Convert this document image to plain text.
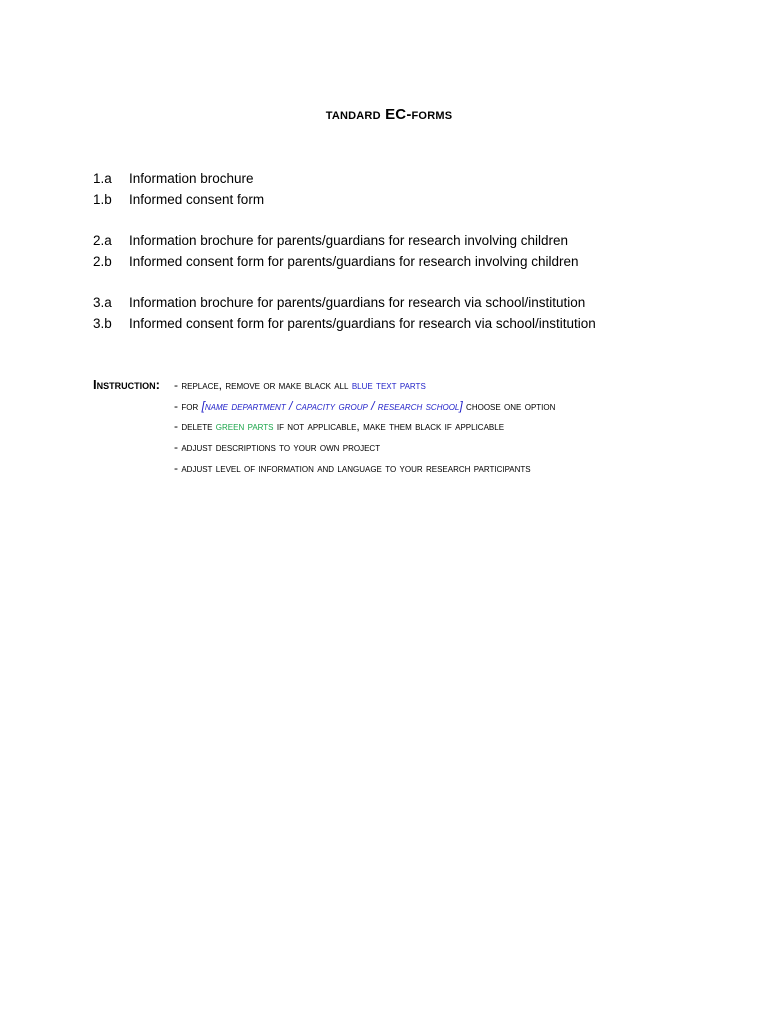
tandard EC-forms
1.a Information brochure
1.b Informed consent form
2.a Information brochure for parents/guardians for research involving children
2.b Informed consent form for parents/guardians for research involving children
3.a Information brochure for parents/guardians for research via school/institution
3.b Informed consent form for parents/guardians for research via school/institution
Instruction:	- replace, remove or make black all blue text parts
- for [name department / capacity group / research school] choose one option
- delete green parts if not applicable, make them black if applicable
- adjust descriptions to your own project
- adjust level of information and language to your research participants
